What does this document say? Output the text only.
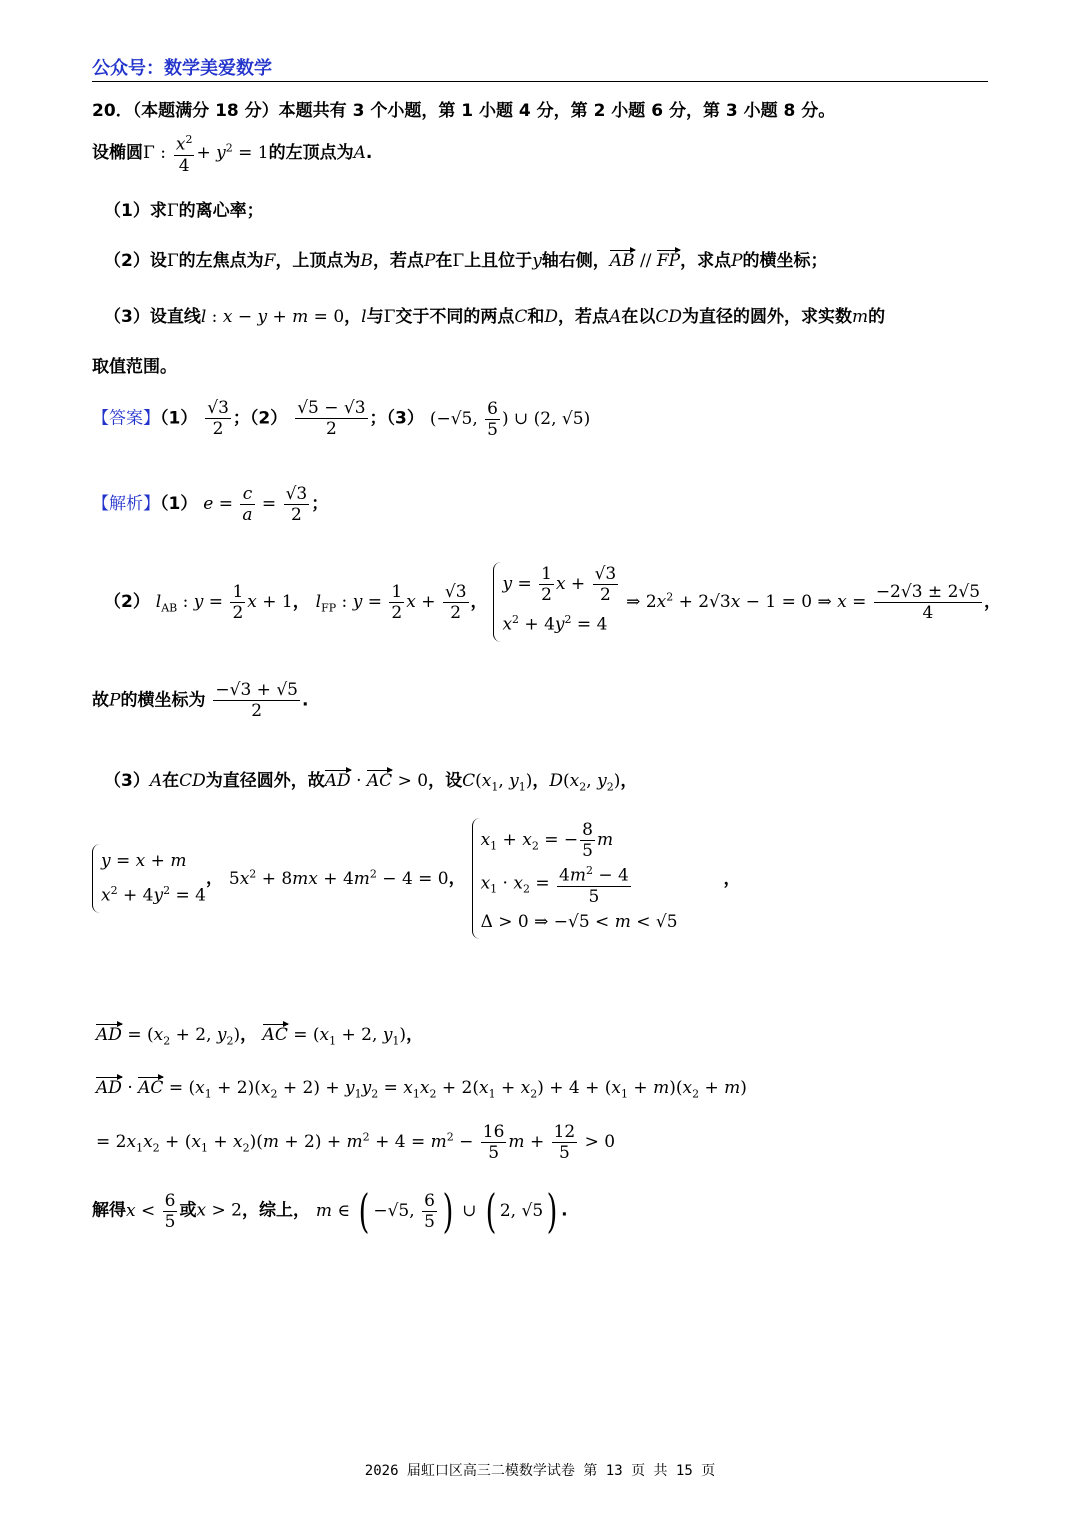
公众号：数学美爱数学
20．（本题满分 18 分）本题共有 3 个小题，第 1 小题 4 分，第 2 小题 6 分，第 3 小题 8 分。
设椭圆Γ : $\frac{x^2}{4} + y^2 = 1$的左顶点为A.
（1）求Γ的离心率；
（2）设Γ的左焦点为F，上顶点为B，若点P在Γ上且位于y轴右侧，AB // FP，求点P的横坐标；
（3）设直线l : x − y + m = 0，l与Γ交于不同的两点C和D，若点A在以CD为直径的圆外，求实数m的
取值范围。
【答案】$(1) \frac{√3}{2}$ ；$(2) \frac{√5 - √3}{2}$ ；（3） (−√5, $\frac{6}{5}$ ) ∪ (2, √5)
【解析】（1） $e = \frac{c}{a} = \frac{√3}{2}$ ；
（2） $l_{AB}$ : $y = \frac{1}{2}$ x + 1， $l_{FP}$ : $y = \frac{1}{2}$ $x + \frac{√3}{2}$ ，
$y = \frac{1}{2}$ $x + \frac{√3}{2}$
$x^2 + 4y^2 = 4$
⇒ $2x^2 + 2√3x - 1 = 0$ ⇒ $x = \frac{-2√3 \pm 2√5}{4}$ ，
故P的横坐标为 $\frac{-√3 + √5}{2}$ .
（3）A在CD为直径圆外，故AD · AC > 0，设$C(x_1$, $y_1$)，$D(x_2$, $y_2$)，
y = x + m
$x^2 + 4y^2 = 4$
， $5x^2 + 8mx + 4m^2 - 4 = 0$，
$x_1 + x_2$ = − $\frac{8}{5}$ m
$x_1 \cdot x_2 = \frac{4m^2 - 4}{5}$
Δ > 0 ⇒ −√5 < m < √5
，
AD = ($x_2 + 2$, $y_2$)， AC = ($x_1 + 2$, $y_1$)，
AD · AC = $(x_1 + 2)(x_2 + 2) + y_1y_2 = x_1x_2 + 2(x_1 + x_2) + 4 + (x_1 + m)(x_2 + m)$
= $2x_1x_2 + (x_1 + x_2)(m + 2) + m^2 + 4 = m^2 - \frac{16}{5}$ $m + \frac{12}{5} > 0$
解得$x < \frac{6}{5}$ 或x > 2，综上， m ∈ ( −√5, $\frac{6}{5}$ ) ∪ ( 2, √5) .
2026 届虹口区高三二模数学试卷 第 13 页 共 15 页
